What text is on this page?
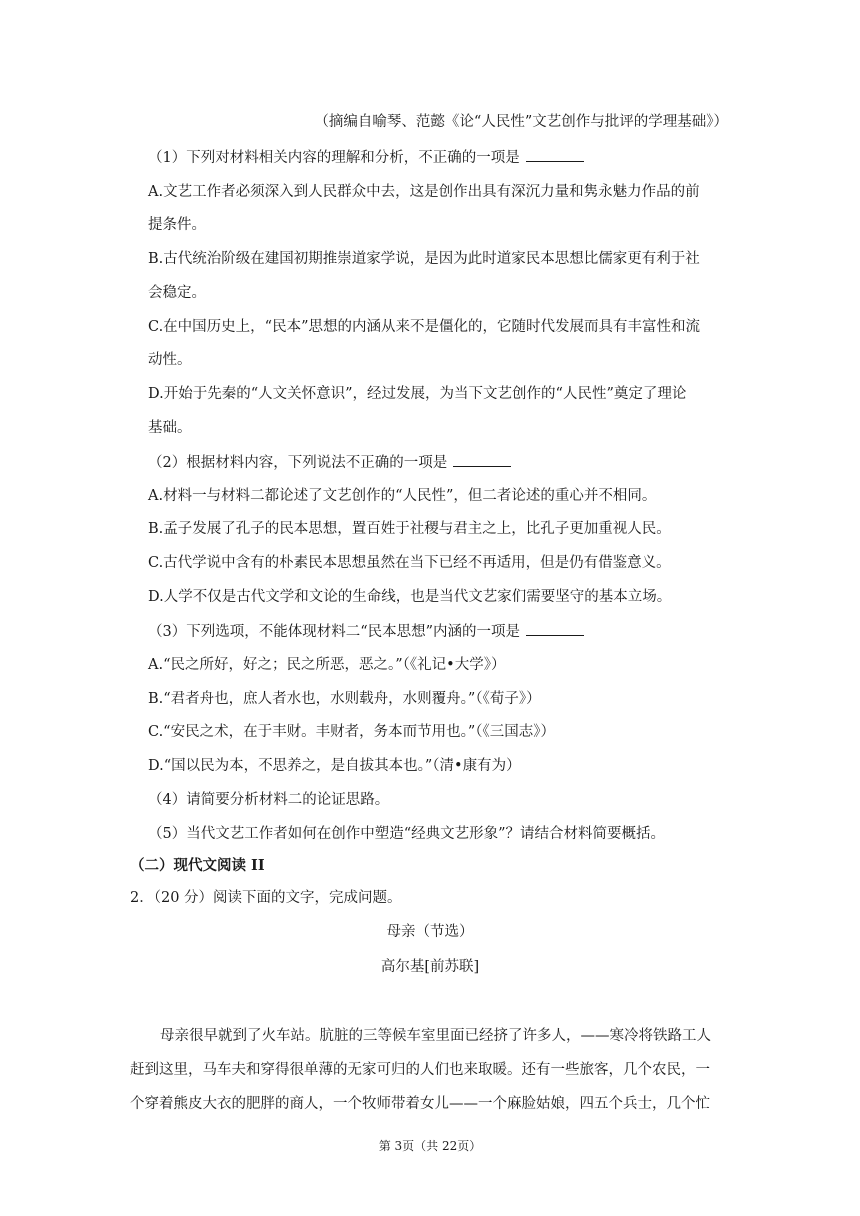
（摘编自喻琴、范懿《论“人民性”文艺创作与批评的学理基础》）
（1）下列对材料相关内容的理解和分析，不正确的一项是
A.文艺工作者必须深入到人民群众中去，这是创作出具有深沉力量和隽永魅力作品的前
提条件。
B.古代统治阶级在建国初期推崇道家学说，是因为此时道家民本思想比儒家更有利于社
会稳定。
C.在中国历史上，“民本”思想的内涵从来不是僵化的，它随时代发展而具有丰富性和流
动性。
D.开始于先秦的“人文关怀意识”，经过发展，为当下文艺创作的“人民性”奠定了理论
基础。
（2）根据材料内容，下列说法不正确的一项是
A.材料一与材料二都论述了文艺创作的“人民性”，但二者论述的重心并不相同。
B.孟子发展了孔子的民本思想，置百姓于社稷与君主之上，比孔子更加重视人民。
C.古代学说中含有的朴素民本思想虽然在当下已经不再适用，但是仍有借鉴意义。
D.人学不仅是古代文学和文论的生命线，也是当代文艺家们需要坚守的基本立场。
（3）下列选项，不能体现材料二“民本思想”内涵的一项是
A.“民之所好，好之；民之所恶，恶之。”（《礼记•大学》）
B.“君者舟也，庶人者水也，水则载舟，水则覆舟。”（《荀子》）
C.“安民之术，在于丰财。丰财者，务本而节用也。”（《三国志》）
D.“国以民为本，不思养之，是自拔其本也。”（清•康有为）
（4）请简要分析材料二的论证思路。
（5）当代文艺工作者如何在创作中塑造“经典文艺形象”？请结合材料简要概括。
（二）现代文阅读 II
2．（20 分）阅读下面的文字，完成问题。
母亲（节选）
高尔基[前苏联]
母亲很早就到了火车站。肮脏的三等候车室里面已经挤了许多人，——寒冷将铁路工人
赶到这里，马车夫和穿得很单薄的无家可归的人们也来取暖。还有一些旅客，几个农民，一
个穿着熊皮大衣的肥胖的商人，一个牧师带着女儿——一个麻脸姑娘，四五个兵士，几个忙
第 3页（共 22页）
